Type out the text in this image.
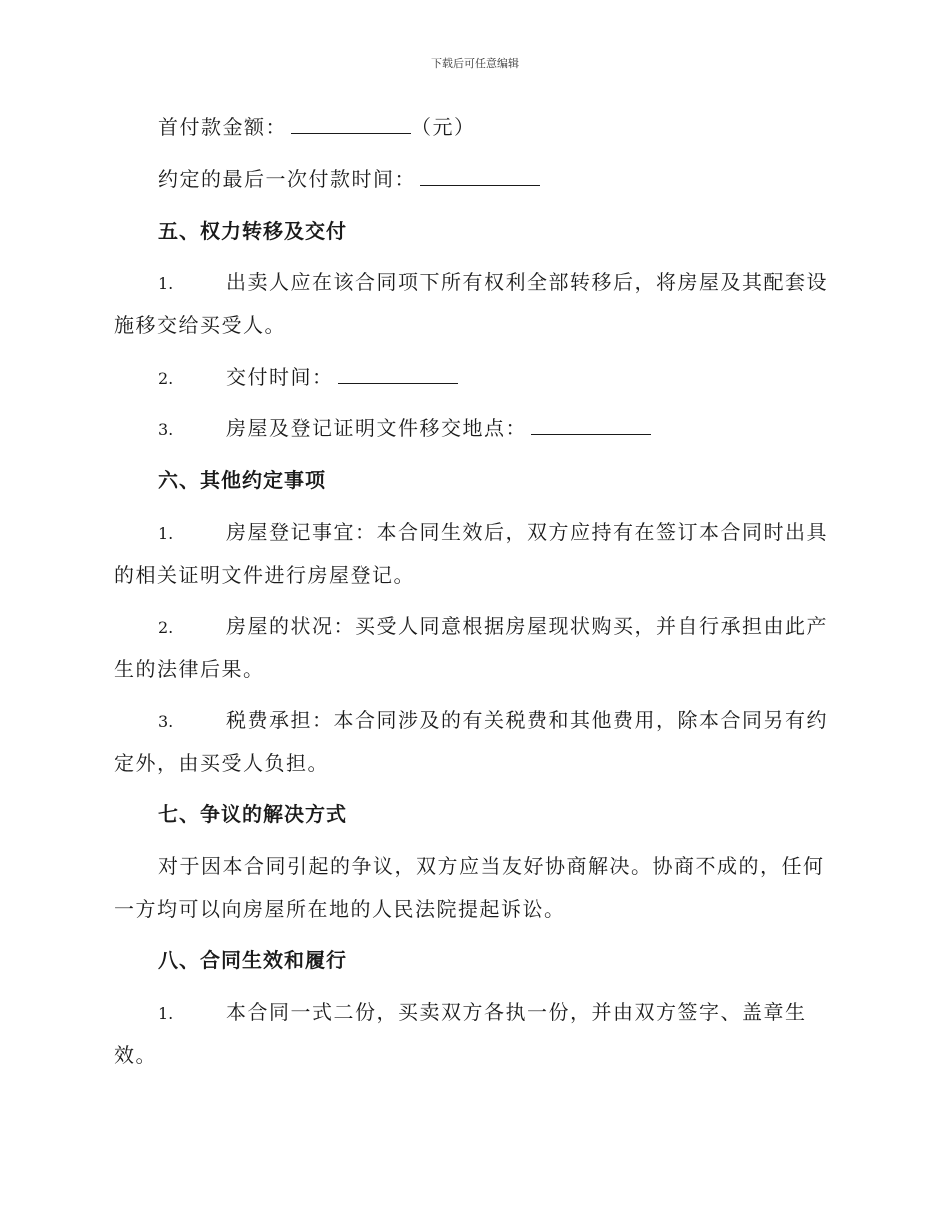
下载后可任意编辑
首付款金额：	（元）
约定的最后一次付款时间：
五、权力转移及交付
1.	出卖人应在该合同项下所有权利全部转移后，将房屋及其配套设
施移交给买受人。
2.	交付时间：
3.	房屋及登记证明文件移交地点：
六、其他约定事项
1.	房屋登记事宜：本合同生效后，双方应持有在签订本合同时出具
的相关证明文件进行房屋登记。
2.	房屋的状况：买受人同意根据房屋现状购买，并自行承担由此产
生的法律后果。
3.	税费承担：本合同涉及的有关税费和其他费用，除本合同另有约
定外，由买受人负担。
七、争议的解决方式
对于因本合同引起的争议，双方应当友好协商解决。协商不成的，任何
一方均可以向房屋所在地的人民法院提起诉讼。
八、合同生效和履行
1.	本合同一式二份，买卖双方各执一份，并由双方签字、盖章生
效。
